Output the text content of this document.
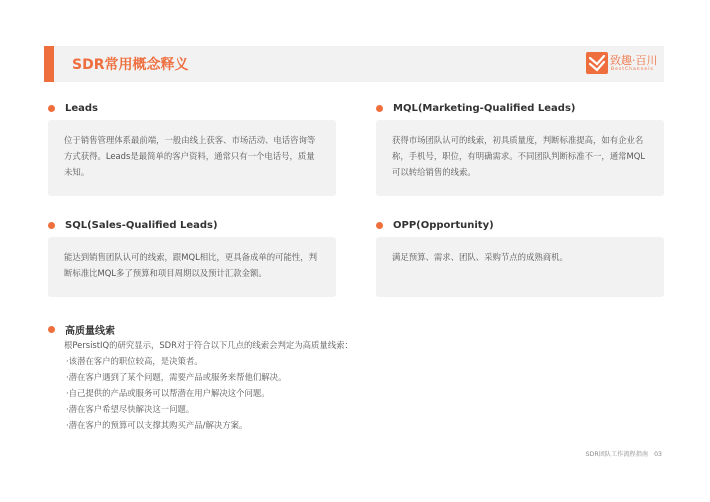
SDR常用概念释义	致趣·百川
BestChannels
Leads
位于销售管理体系最前端，一般由线上获客、市场活动、电话咨询等方式获得。Leads是最简单的客户资料，通常只有一个电话号，质量未知。
MQL(Marketing-Qualified Leads)
获得市场团队认可的线索，初具质量度，判断标准提高，如有企业名称，手机号，职位，有明确需求。不同团队判断标准不一，通常MQL可以转给销售的线索。
SQL(Sales-Qualified Leads)
能达到销售团队认可的线索，跟MQL相比，更具备成单的可能性，判断标准比MQL多了预算和项目周期以及预计汇款金额。
OPP(Opportunity)
满足预算、需求、团队、采购节点的成熟商机。
高质量线索
根PersistIQ的研究显示，SDR对于符合以下几点的线索会判定为高质量线索：
·该潜在客户的职位较高，是决策者。
·潜在客户遇到了某个问题，需要产品或服务来帮他们解决。
·自己提供的产品或服务可以帮潜在用户解决这个问题。
·潜在客户希望尽快解决这一问题。
·潜在客户的预算可以支撑其购买产品/解决方案。
SDR团队工作流程指南 03
